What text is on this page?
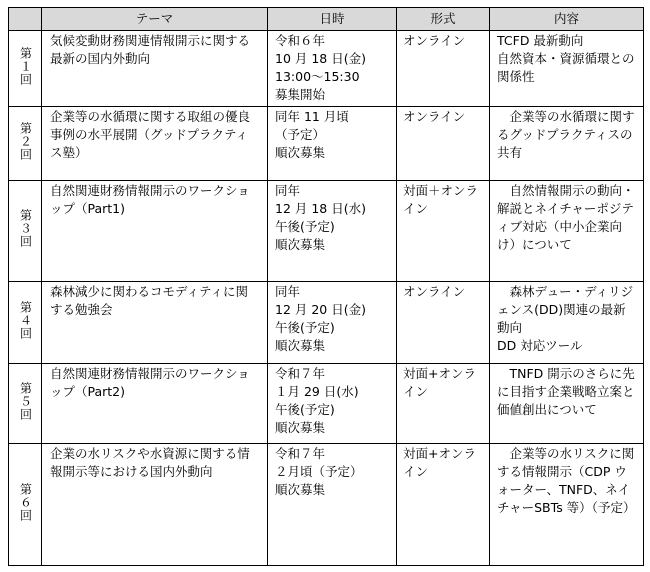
	テーマ	日時	形式	内容
第１回	気候変動財務関連情報開示に関する最新の国内外動向	令和６年
10 月 18 日(金)
13:00～15:30
募集開始	オンライン	TCFD 最新動向
自然資本・資源循環との関係性

第２回	企業等の水循環に関する取組の優良事例の水平展開（グッドプラクティス塾）	同年 11 月頃
（予定）
順次募集	オンライン	　企業等の水循環に関するグッドプラクティスの共有

第３回	自然関連財務情報開示のワークショップ（Part1)	同年
12 月 18 日(水)
午後(予定)
順次募集	対面＋オンライン	　自然情報開示の動向・解説とネイチャーポジティブ対応（中小企業向け）について

第４回	森林減少に関わるコモディティに関する勉強会	同年
12 月 20 日(金)
午後(予定)
順次募集	オンライン	　森林デュー・ディリジェンス(DD)関連の最新動向
DD 対応ツール

第５回	自然関連財務情報開示のワークショップ（Part2)	令和７年
１月 29 日(水)
午後(予定)
順次募集	対面+オンライン	　TNFD 開示のさらに先に目指す企業戦略立案と価値創出について

第６回	企業の水リスクや水資源に関する情報開示等における国内外動向	令和７年
２月頃（予定）
順次募集	対面+オンライン	　企業等の水リスクに関する情報開示（CDP ウォーター、TNFD、ネイチャーSBTs 等）（予定）
